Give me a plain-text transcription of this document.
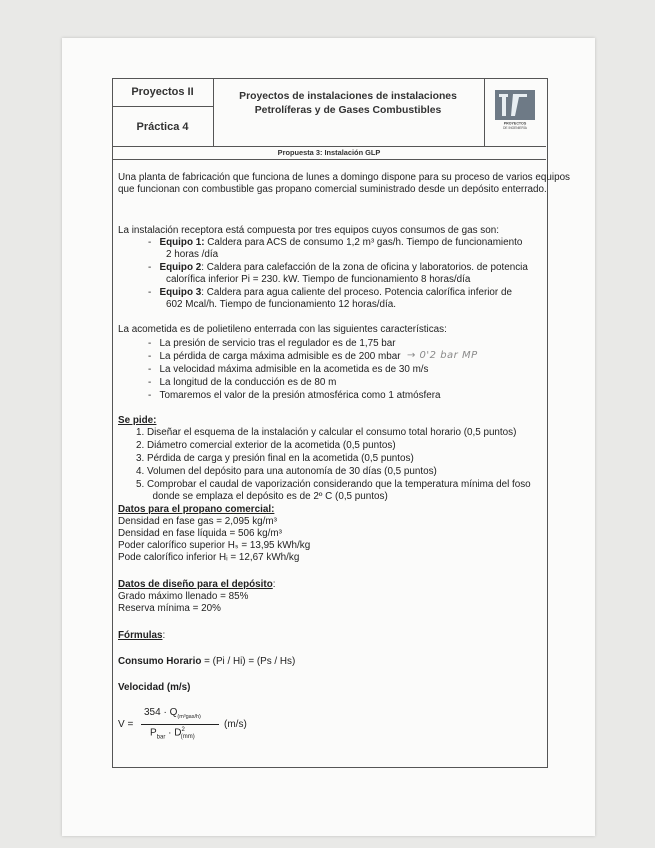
Proyectos II
Práctica 4
Proyectos de instalaciones de instalaciones
Petrolíferas y de Gases Combustibles
PROYECTOS
DE INGENIERÍA
Propuesta 3: Instalación GLP
Una planta de fabricación que funciona de lunes a domingo dispone para su proceso de varios equipos que funcionan con combustible gas propano comercial suministrado desde un depósito enterrado.
La instalación receptora está compuesta por tres equipos cuyos consumos de gas son:
-   Equipo 1: Caldera para ACS de consumo 1,2 m³ gas/h. Tiempo de funcionamiento
2 horas /día
-   Equipo 2: Caldera para calefacción de la zona de oficina y laboratorios. de potencia
calorífica inferior Pi = 230. kW. Tiempo de funcionamiento 8 horas/día
-   Equipo 3: Caldera para agua caliente del proceso. Potencia calorífica inferior de
602 Mcal/h. Tiempo de funcionamiento 12 horas/día.
La acometida es de polietileno enterrada con las siguientes características:
-   La presión de servicio tras el regulador es de 1,75 bar
-   La pérdida de carga máxima admisible es de 200 mbar
-   La velocidad máxima admisible en la acometida es de 30 m/s
-   La longitud de la conducción es de 80 m
-   Tomaremos el valor de la presión atmosférica como 1 atmósfera
→ 0'2 bar MP
Se pide:
1. Diseñar el esquema de la instalación y calcular el consumo total horario (0,5 puntos)
2. Diámetro comercial exterior de la acometida (0,5 puntos)
3. Pérdida de carga y presión final en la acometida (0,5 puntos)
4. Volumen del depósito para una autonomía de 30 días (0,5 puntos)
5. Comprobar el caudal de vaporización considerando que la temperatura mínima del foso
donde se emplaza el depósito es de 2º C (0,5 puntos)
Datos para el propano comercial:
Densidad en fase gas = 2,095 kg/m³
Densidad en fase líquida = 506 kg/m³
Poder calorífico superior Hₛ = 13,95 kWh/kg
Pode calorífico inferior Hᵢ = 12,67 kWh/kg
Datos de diseño para el depósito:
Grado máximo llenado = 85%
Reserva mínima = 20%
Fórmulas:
Consumo Horario = (Pi / Hi) = (Ps / Hs)
Velocidad (m/s)
V =
$354 \cdot Q_{(m^3gas/h)}$
$P_{bar} \cdot D^2_{(mm)}$
(m/s)
